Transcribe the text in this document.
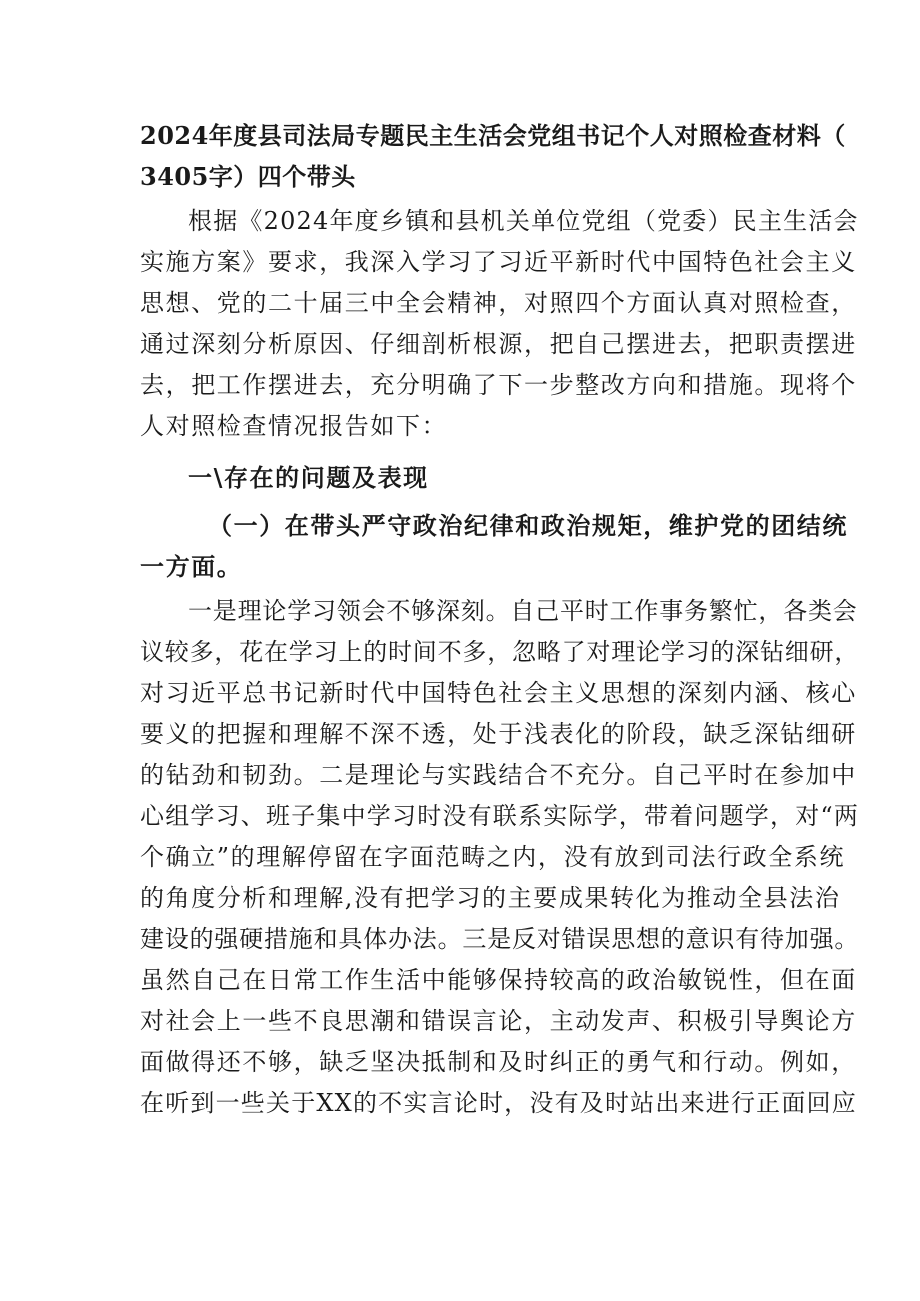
2024年度县司法局专题民主生活会党组书记个人对照检查材料（
3405字）四个带头
根据《2024年度乡镇和县机关单位党组（党委）民主生活会
实施方案》要求，我深入学习了习近平新时代中国特色社会主义
思想、党的二十届三中全会精神，对照四个方面认真对照检查，
通过深刻分析原因、仔细剖析根源，把自己摆进去，把职责摆进
去，把工作摆进去，充分明确了下一步整改方向和措施。现将个
人对照检查情况报告如下：
一\存在的问题及表现
（一）在带头严守政治纪律和政治规矩，维护党的团结统
一方面。
一是理论学习领会不够深刻。自己平时工作事务繁忙，各类会
议较多，花在学习上的时间不多，忽略了对理论学习的深钻细研，
对习近平总书记新时代中国特色社会主义思想的深刻内涵、核心
要义的把握和理解不深不透，处于浅表化的阶段，缺乏深钻细研
的钻劲和韧劲。二是理论与实践结合不充分。自己平时在参加中
心组学习、班子集中学习时没有联系实际学，带着问题学，对“两
个确立”的理解停留在字面范畴之内，没有放到司法行政全系统
的角度分析和理解,没有把学习的主要成果转化为推动全县法治
建设的强硬措施和具体办法。三是反对错误思想的意识有待加强。
虽然自己在日常工作生活中能够保持较高的政治敏锐性，但在面
对社会上一些不良思潮和错误言论，主动发声、积极引导舆论方
面做得还不够，缺乏坚决抵制和及时纠正的勇气和行动。例如，
在听到一些关于XX的不实言论时，没有及时站出来进行正面回应
